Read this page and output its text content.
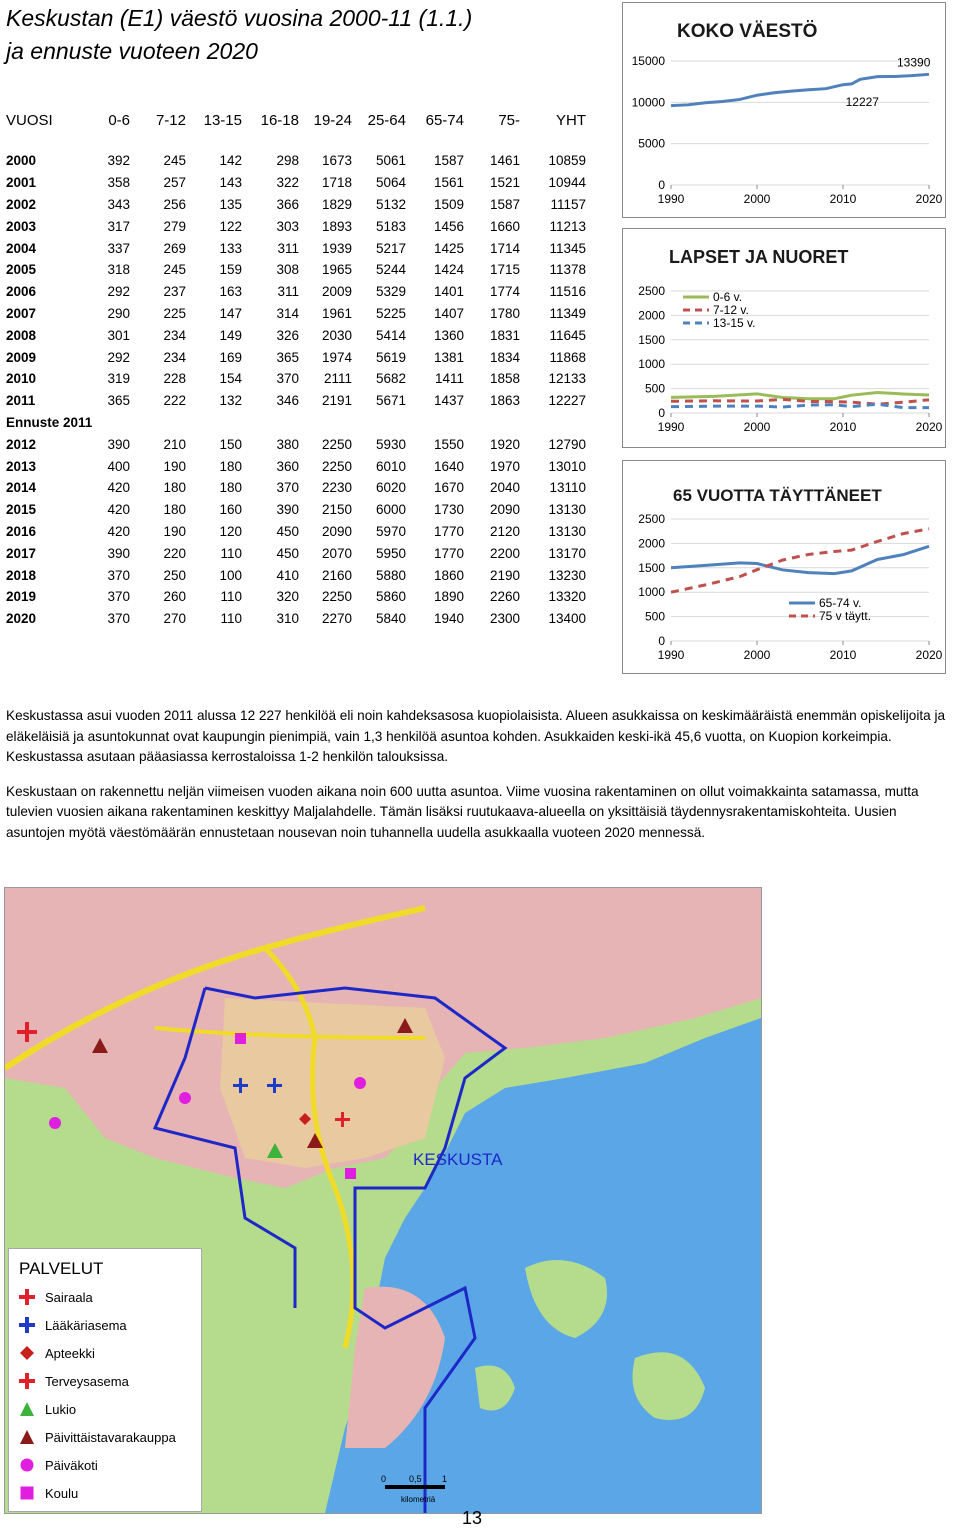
Keskustan (E1) väestö vuosina 2000-11 (1.1.)
ja ennuste vuoteen 2020
VUOSI	0-6	7-12	13-15	16-18	19-24	25-64	65-74	75-	YHT

2000	392	245	142	298	1673	5061	1587	1461	10859
2001	358	257	143	322	1718	5064	1561	1521	10944
2002	343	256	135	366	1829	5132	1509	1587	11157
2003	317	279	122	303	1893	5183	1456	1660	11213
2004	337	269	133	311	1939	5217	1425	1714	11345
2005	318	245	159	308	1965	5244	1424	1715	11378
2006	292	237	163	311	2009	5329	1401	1774	11516
2007	290	225	147	314	1961	5225	1407	1780	11349
2008	301	234	149	326	2030	5414	1360	1831	11645
2009	292	234	169	365	1974	5619	1381	1834	11868
2010	319	228	154	370	2111	5682	1411	1858	12133
2011	365	222	132	346	2191	5671	1437	1863	12227
Ennuste 2011									
2012	390	210	150	380	2250	5930	1550	1920	12790
2013	400	190	180	360	2250	6010	1640	1970	13010
2014	420	180	180	370	2230	6020	1670	2040	13110
2015	420	180	160	390	2150	6000	1730	2090	13130
2016	420	190	120	450	2090	5970	1770	2120	13130
2017	390	220	110	450	2070	5950	1770	2200	13170
2018	370	250	100	410	2160	5880	1860	2190	13230
2019	370	260	110	320	2250	5860	1890	2260	13320
2020	370	270	110	310	2270	5840	1940	2300	13400
KOKO VÄESTÖ
0
5000
10000
15000
1990	2000	2010	2020
12227
13390
LAPSET JA NUORET
0
500
1000
1500
2000
2500
1990	2000	2010	2020
0-6 v.
7-12 v.
13-15 v.
65 VUOTTA TÄYTTÄNEET
0
500
1000
1500
2000
2500
1990	2000	2010	2020
65-74 v.
75 v täytt.

Keskustassa asui vuoden 2011 alussa 12 227 henkilöä eli noin kahdeksasosa kuopiolaisista. Alueen asukkaissa on keskimääräistä enemmän opiskelijoita ja eläkeläisiä ja asuntokunnat ovat kaupungin pienimpiä, vain 1,3 henkilöä asuntoa kohden. Asukkaiden keski-ikä 45,6 vuotta, on Kuopion korkeimpia. Keskustassa asutaan pääasiassa kerrostaloissa 1-2 henkilön talouksissa.

Keskustaan on rakennettu neljän viimeisen vuoden aikana noin 600 uutta asuntoa. Viime vuosina rakentaminen on ollut voimakkainta satamassa, mutta tulevien vuosien aikana rakentaminen keskittyy Maljalahdelle. Tämän lisäksi ruutukaava-alueella on yksittäisiä täydennysrakentamiskohteita. Uusien asuntojen myötä väestömäärän ennustetaan nousevan noin tuhannella uudella asukkaalla vuoteen 2020 mennessä.

KESKUSTA
0	0,5 1
kilometriä
PALVELUT
Sairaala
Lääkäriasema
Apteekki
Terveysasema
Lukio
Päivittäistavarakauppa
Päiväkoti
Koulu
13
